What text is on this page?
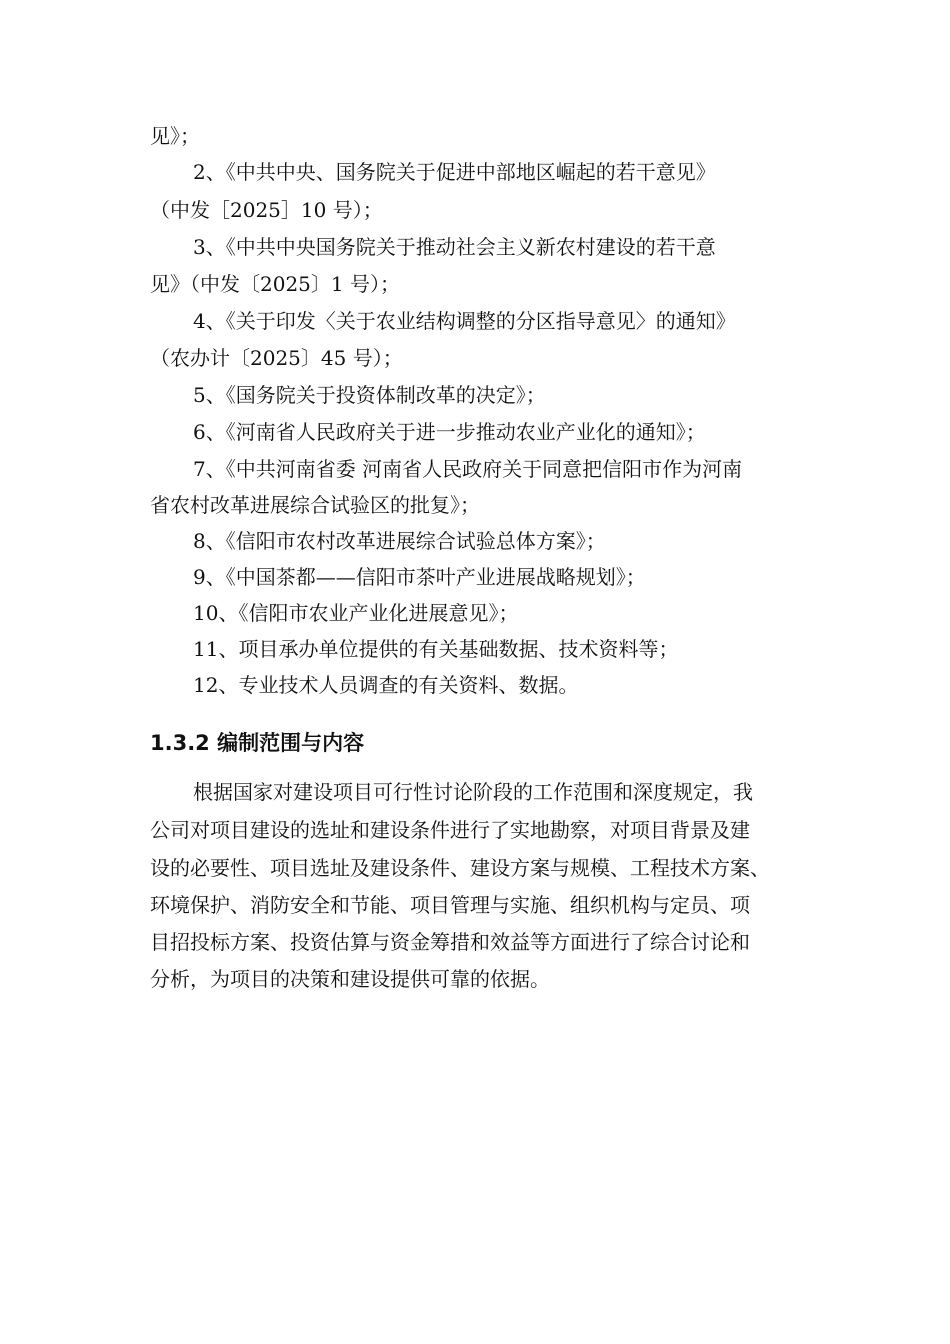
见》；
2、《中共中央、国务院关于促进中部地区崛起的若干意见》
（中发［2025］10 号）；
3、《中共中央国务院关于推动社会主义新农村建设的若干意
见》（中发〔2025〕1 号）；
4、《关于印发〈关于农业结构调整的分区指导意见〉的通知》
（农办计〔2025〕45 号）；
5、《国务院关于投资体制改革的决定》；
6、《河南省人民政府关于进一步推动农业产业化的通知》；
7、《中共河南省委 河南省人民政府关于同意把信阳市作为河南
省农村改革进展综合试验区的批复》；
8、《信阳市农村改革进展综合试验总体方案》；
9、《中国茶都——信阳市茶叶产业进展战略规划》；
10、《信阳市农业产业化进展意见》；
11、项目承办单位提供的有关基础数据、技术资料等；
12、专业技术人员调查的有关资料、数据。
1.3.2 编制范围与内容
根据国家对建设项目可行性讨论阶段的工作范围和深度规定，我
公司对项目建设的选址和建设条件进行了实地勘察，对项目背景及建
设的必要性、项目选址及建设条件、建设方案与规模、工程技术方案、
环境保护、消防安全和节能、项目管理与实施、组织机构与定员、项
目招投标方案、投资估算与资金筹措和效益等方面进行了综合讨论和
分析，为项目的决策和建设提供可靠的依据。
